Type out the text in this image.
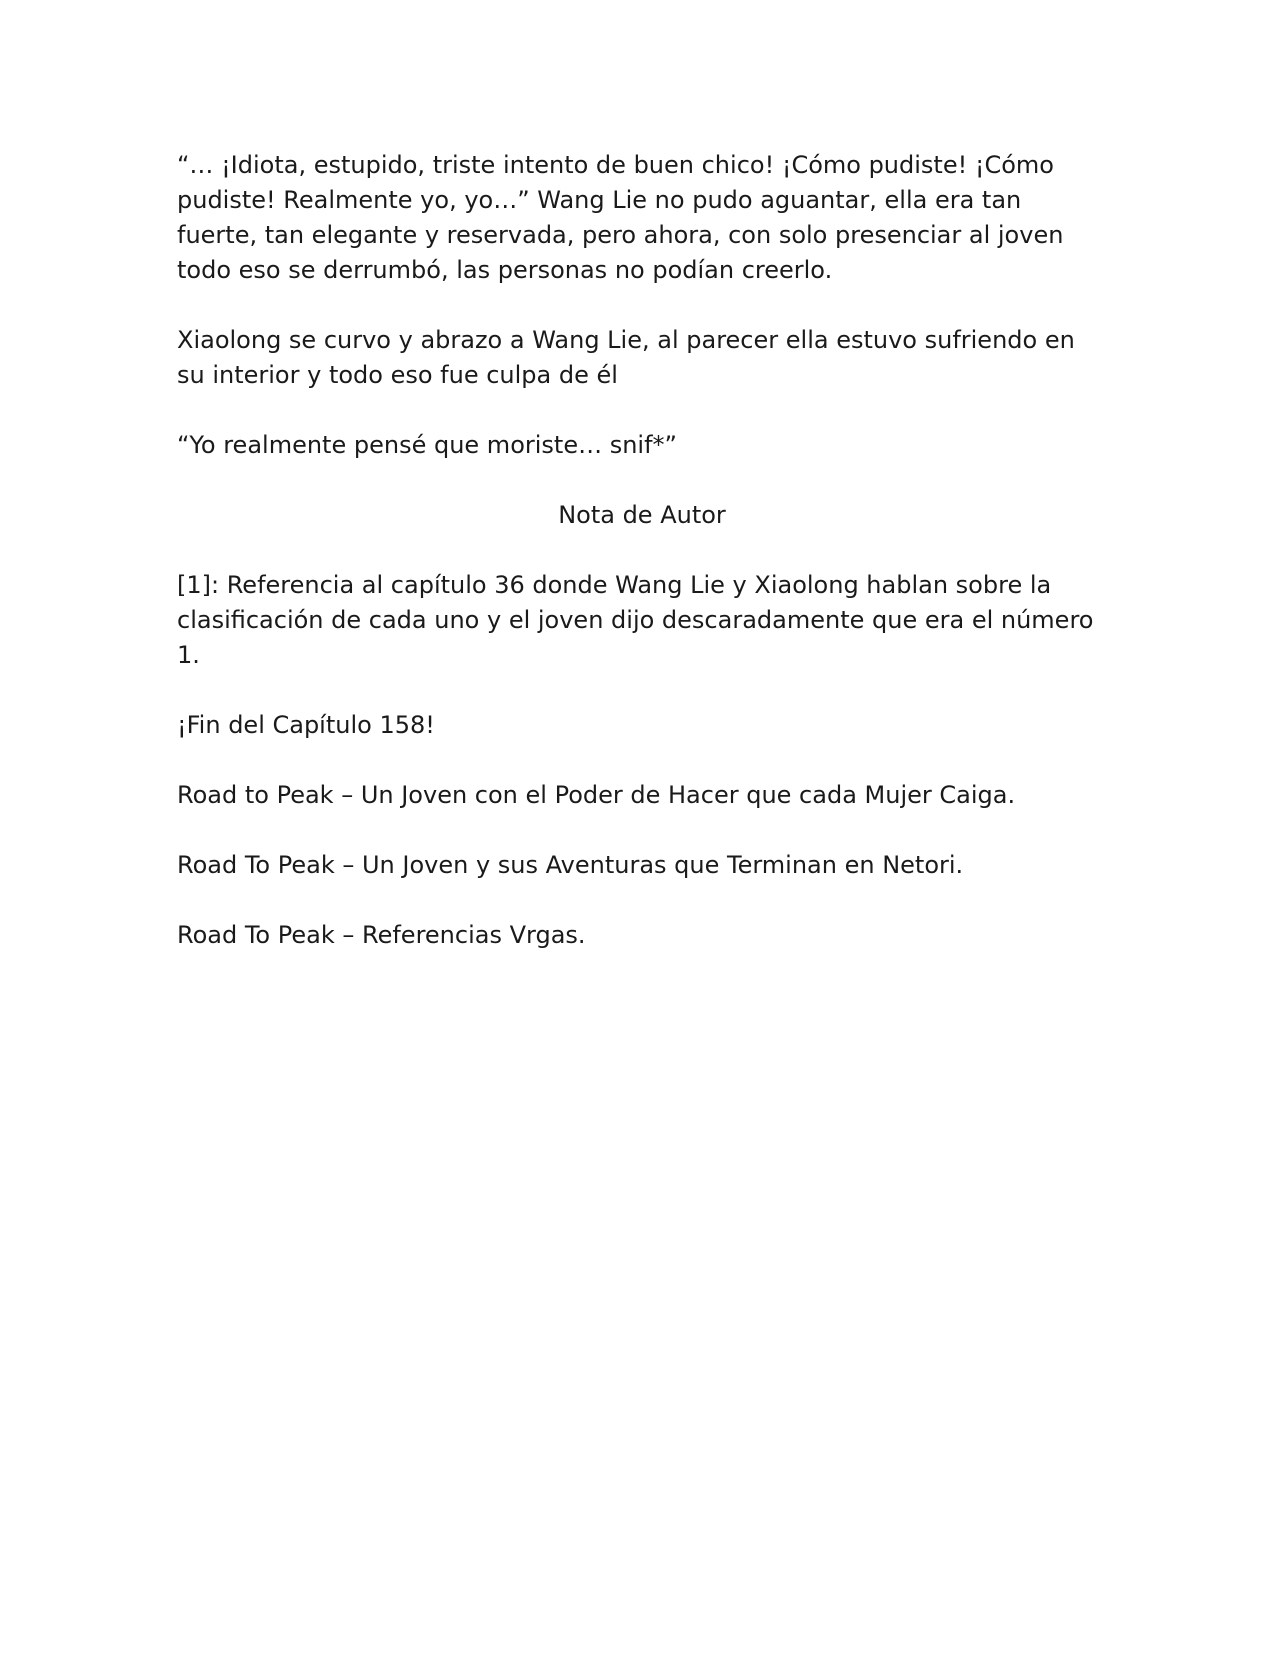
“… ¡Idiota, estupido, triste intento de buen chico! ¡Cómo pudiste! ¡Cómo pudiste! Realmente yo, yo…” Wang Lie no pudo aguantar, ella era tan fuerte, tan elegante y reservada, pero ahora, con solo presenciar al joven todo eso se derrumbó, las personas no podían creerlo.

Xiaolong se curvo y abrazo a Wang Lie, al parecer ella estuvo sufriendo en su interior y todo eso fue culpa de él

“Yo realmente pensé que moriste… snif*”

Nota de Autor

[1]: Referencia al capítulo 36 donde Wang Lie y Xiaolong hablan sobre la clasificación de cada uno y el joven dijo descaradamente que era el número 1.

¡Fin del Capítulo 158!

Road to Peak – Un Joven con el Poder de Hacer que cada Mujer Caiga.

Road To Peak – Un Joven y sus Aventuras que Terminan en Netori.

Road To Peak – Referencias Vrgas.
